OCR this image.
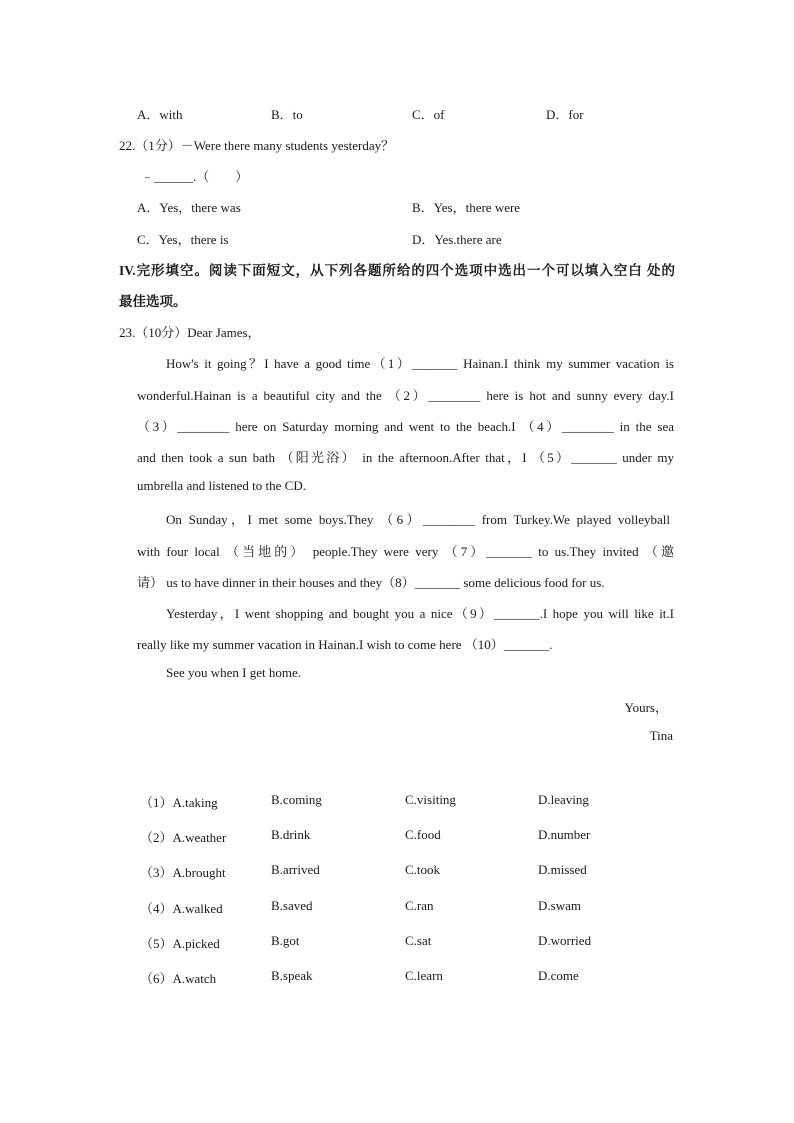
A．with	B．to	C．of	D．for
22.（1分）－Were there many students yesterday？
﹣______.（　　）
A．Yes，there was	B．Yes，there were
C．Yes，there is	D．Yes.there are
IV.完形填空。阅读下面短文，从下列各题所给的四个选项中选出一个可以填入空白 处的
最佳选项。
23.（10分）Dear James，
How's it going？I have a good time（1）_______ Hainan.I think my summer vacation is
wonderful.Hainan is a beautiful city and the （2）________ here is hot and sunny every day.I
（3）________ here on Saturday morning and went to the beach.I （4）________ in the sea
and then took a sun bath （阳光浴） in the afternoon.After that，I （5）_______ under my
umbrella and listened to the CD.
On Sunday，I met some boys.They （6）________ from Turkey.We played volleyball
with four local （当地的） people.They were very （7）_______ to us.They invited （邀
请） us to have dinner in their houses and they（8）_______ some delicious food for us.
Yesterday，I went shopping and bought you a nice（9）_______.I hope you will like it.I
really like my summer vacation in Hainan.I wish to come here （10）_______.
See you when I get home.
Yours，
Tina
（1）A.taking	B.coming	C.visiting	D.leaving
（2）A.weather	B.drink	C.food	D.number
（3）A.brought	B.arrived	C.took	D.missed
（4）A.walked	B.saved	C.ran	D.swam
（5）A.picked	B.got	C.sat	D.worried
（6）A.watch	B.speak	C.learn	D.come
